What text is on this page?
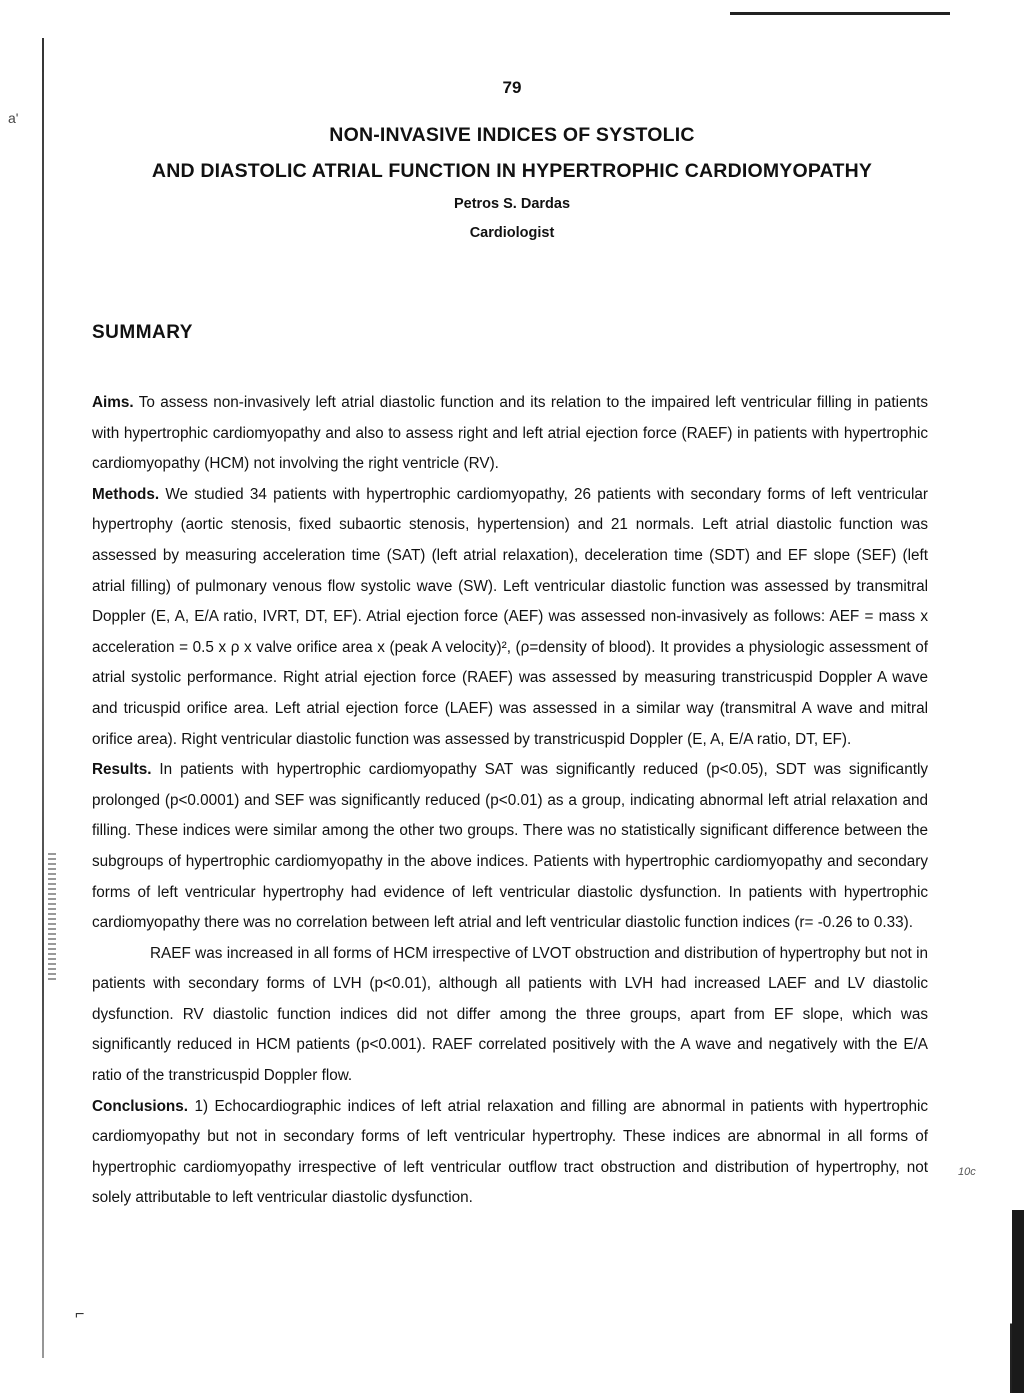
a'
10c
⌐
79
NON-INVASIVE INDICES OF SYSTOLIC
AND DIASTOLIC ATRIAL FUNCTION IN HYPERTROPHIC CARDIOMYOPATHY
Petros S. Dardas
Cardiologist
SUMMARY

Aims. To assess non-invasively left atrial diastolic function and its relation to the impaired left ventricular filling in patients with hypertrophic cardiomyopathy and also to assess right and left atrial ejection force (RAEF) in patients with hypertrophic cardiomyopathy (HCM) not involving the right ventricle (RV).

Methods. We studied 34 patients with hypertrophic cardiomyopathy, 26 patients with secondary forms of left ventricular hypertrophy (aortic stenosis, fixed subaortic stenosis, hypertension) and 21 normals. Left atrial diastolic function was assessed by measuring acceleration time (SAT) (left atrial relaxation), deceleration time (SDT) and EF slope (SEF) (left atrial filling) of pulmonary venous flow systolic wave (SW). Left ventricular diastolic function was assessed by transmitral Doppler (E, A, E/A ratio, IVRT, DT, EF). Atrial ejection force (AEF) was assessed non-invasively as follows: AEF = mass x acceleration = 0.5 x ρ x valve orifice area x (peak A velocity)², (ρ=density of blood). It provides a physiologic assessment of atrial systolic performance. Right atrial ejection force (RAEF) was assessed by measuring transtricuspid Doppler A wave and tricuspid orifice area. Left atrial ejection force (LAEF) was assessed in a similar way (transmitral A wave and mitral orifice area). Right ventricular diastolic function was assessed by transtricuspid Doppler (E, A, E/A ratio, DT, EF).

Results. In patients with hypertrophic cardiomyopathy SAT was significantly reduced (p<0.05), SDT was significantly prolonged (p<0.0001) and SEF was significantly reduced (p<0.01) as a group, indicating abnormal left atrial relaxation and filling. These indices were similar among the other two groups. There was no statistically significant difference between the subgroups of hypertrophic cardiomyopathy in the above indices. Patients with hypertrophic cardiomyopathy and secondary forms of left ventricular hypertrophy had evidence of left ventricular diastolic dysfunction. In patients with hypertrophic cardiomyopathy there was no correlation between left atrial and left ventricular diastolic function indices (r= -0.26 to 0.33).

RAEF was increased in all forms of HCM irrespective of LVOT obstruction and distribution of hypertrophy but not in patients with secondary forms of LVH (p<0.01), although all patients with LVH had increased LAEF and LV diastolic dysfunction. RV diastolic function indices did not differ among the three groups, apart from EF slope, which was significantly reduced in HCM patients (p<0.001). RAEF correlated positively with the A wave and negatively with the E/A ratio of the transtricuspid Doppler flow.

Conclusions. 1) Echocardiographic indices of left atrial relaxation and filling are abnormal in patients with hypertrophic cardiomyopathy but not in secondary forms of left ventricular hypertrophy. These indices are abnormal in all forms of hypertrophic cardiomyopathy irrespective of left ventricular outflow tract obstruction and distribution of hypertrophy, not solely attributable to left ventricular diastolic dysfunction.
